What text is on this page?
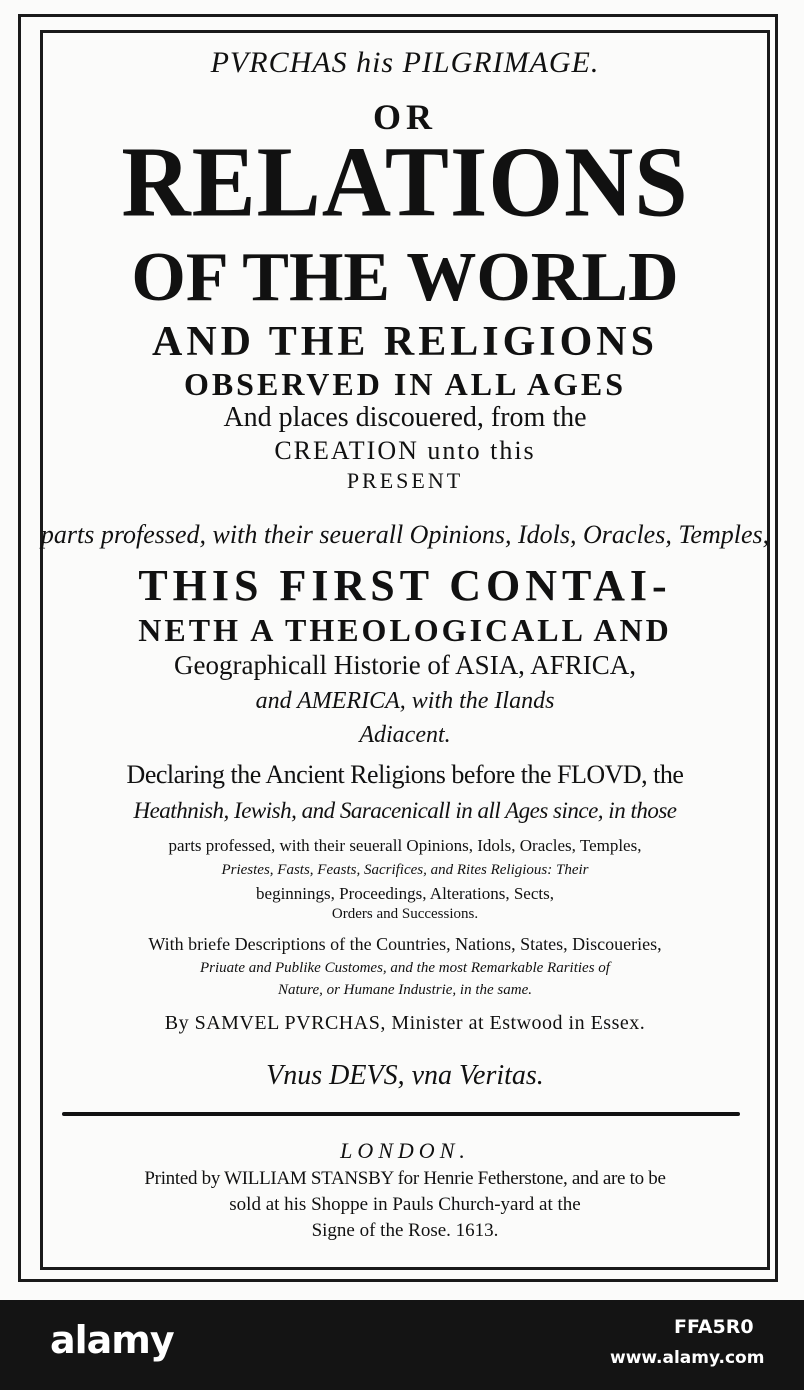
PVRCHAS his PILGRIMAGE.
OR
RELATIONS
OF THE WORLD
AND THE RELIGIONS
OBSERVED IN ALL AGES
And places discouered, from the
CREATION unto this
PRESENT
parts professed, with their seuerall Opinions, Idols, Oracles, Temples,
THIS FIRST CONTAI-
NETH A THEOLOGICALL AND
Geographicall Historie of ASIA, AFRICA,
and AMERICA, with the Ilands
Adiacent.
Declaring the Ancient Religions before the FLOVD, the
Heathnish, Iewish, and Saracenicall in all Ages since, in those
parts professed, with their seuerall Opinions, Idols, Oracles, Temples,
Priestes, Fasts, Feasts, Sacrifices, and Rites Religious: Their
beginnings, Proceedings, Alterations, Sects,
Orders and Successions.
With briefe Descriptions of the Countries, Nations, States, Discoueries,
Priuate and Publike Customes, and the most Remarkable Rarities of
Nature, or Humane Industrie, in the same.
By SAMVEL PVRCHAS, Minister at Estwood in Essex.
Vnus DEVS, vna Veritas.
LONDON.
Printed by WILLIAM STANSBY for Henrie Fetherstone, and are to be
sold at his Shoppe in Pauls Church-yard at the
Signe of the Rose. 1613.
alamy	FFA5R0
www.alamy.com
